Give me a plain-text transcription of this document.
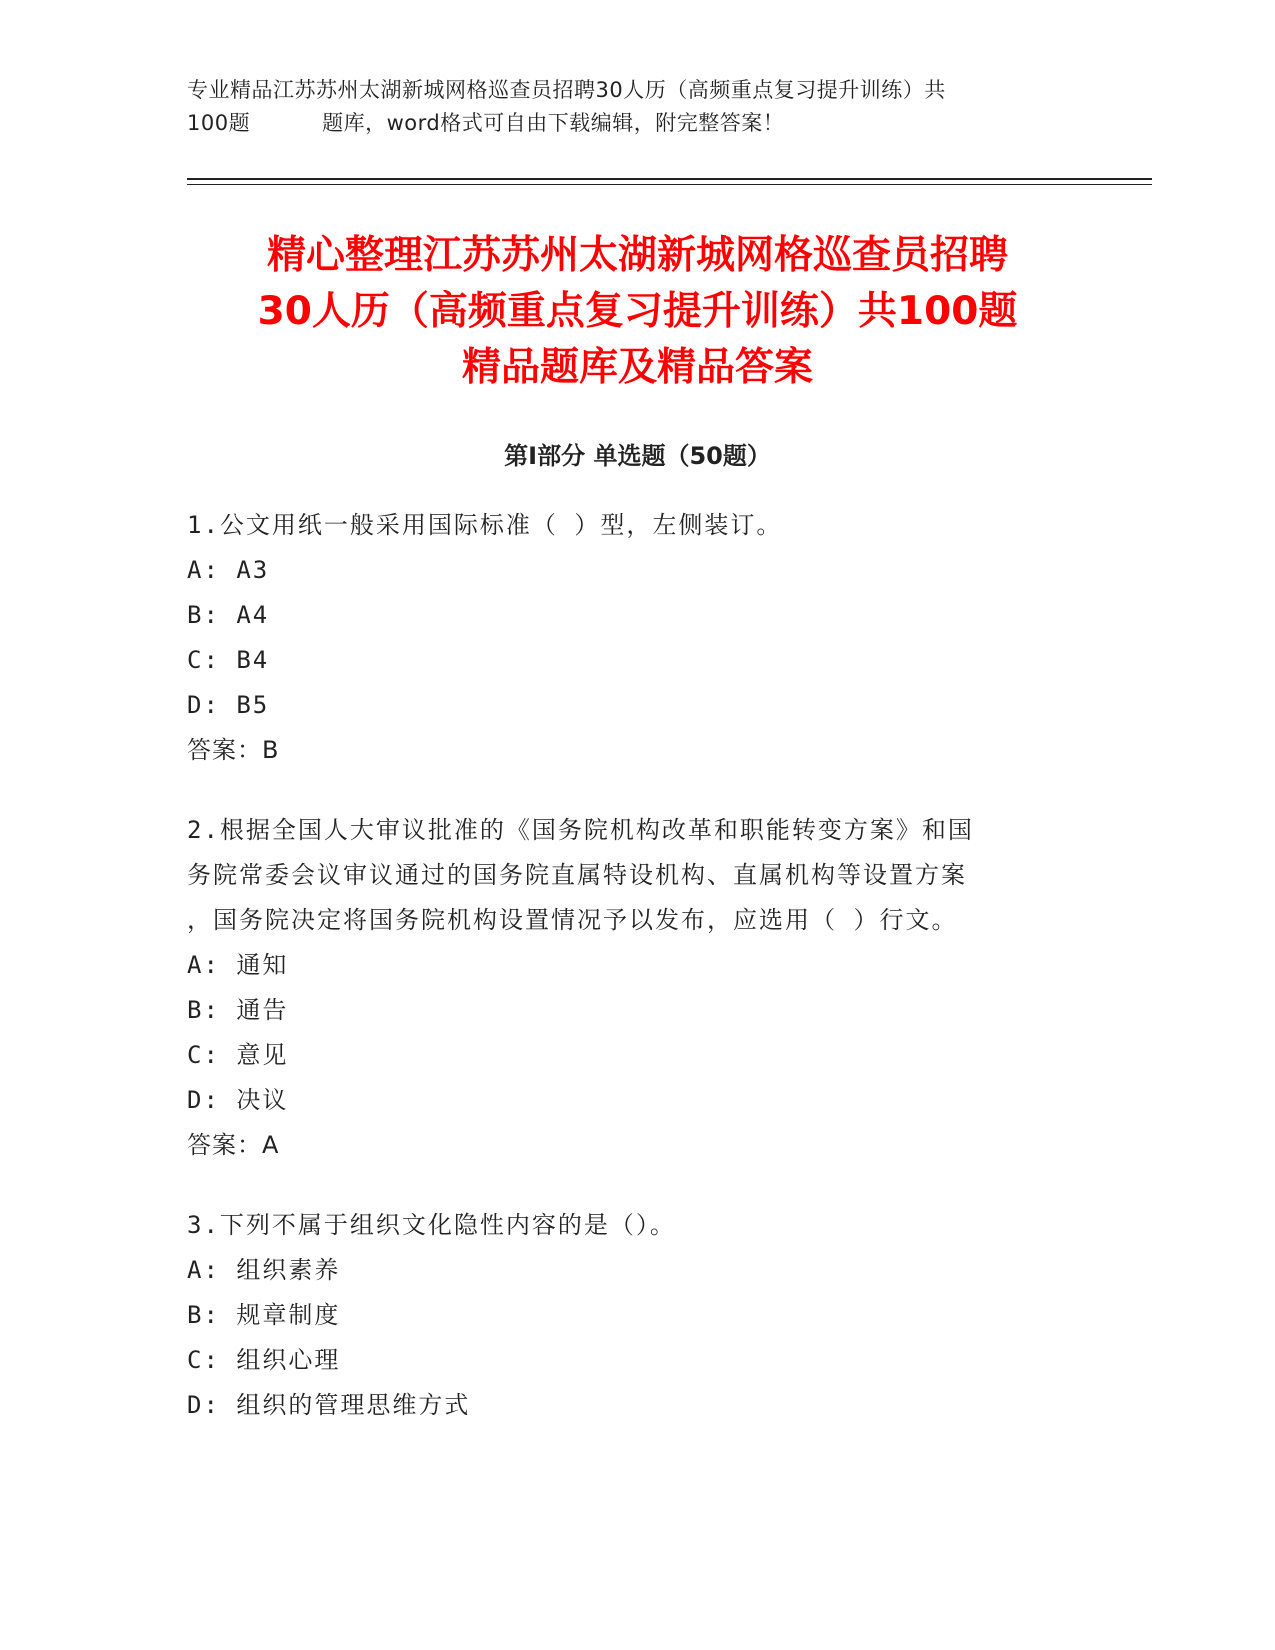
专业精品江苏苏州太湖新城网格巡查员招聘30人历（高频重点复习提升训练）共
100题	题库，word格式可自由下载编辑，附完整答案！
精心整理江苏苏州太湖新城网格巡查员招聘
30人历（高频重点复习提升训练）共100题
精品题库及精品答案
第I部分 单选题（50题）

1.公文用纸一般采用国际标准（ ）型，左侧装订。

A: A3

B: A4

C: B4

D: B5

答案：B

2.根据全国人大审议批准的《国务院机构改革和职能转变方案》和国

务院常委会议审议通过的国务院直属特设机构、直属机构等设置方案

，国务院决定将国务院机构设置情况予以发布，应选用（ ）行文。

A: 通知

B: 通告

C: 意见

D: 决议

答案：A

3.下列不属于组织文化隐性内容的是（）。

A: 组织素养

B: 规章制度

C: 组织心理

D: 组织的管理思维方式
